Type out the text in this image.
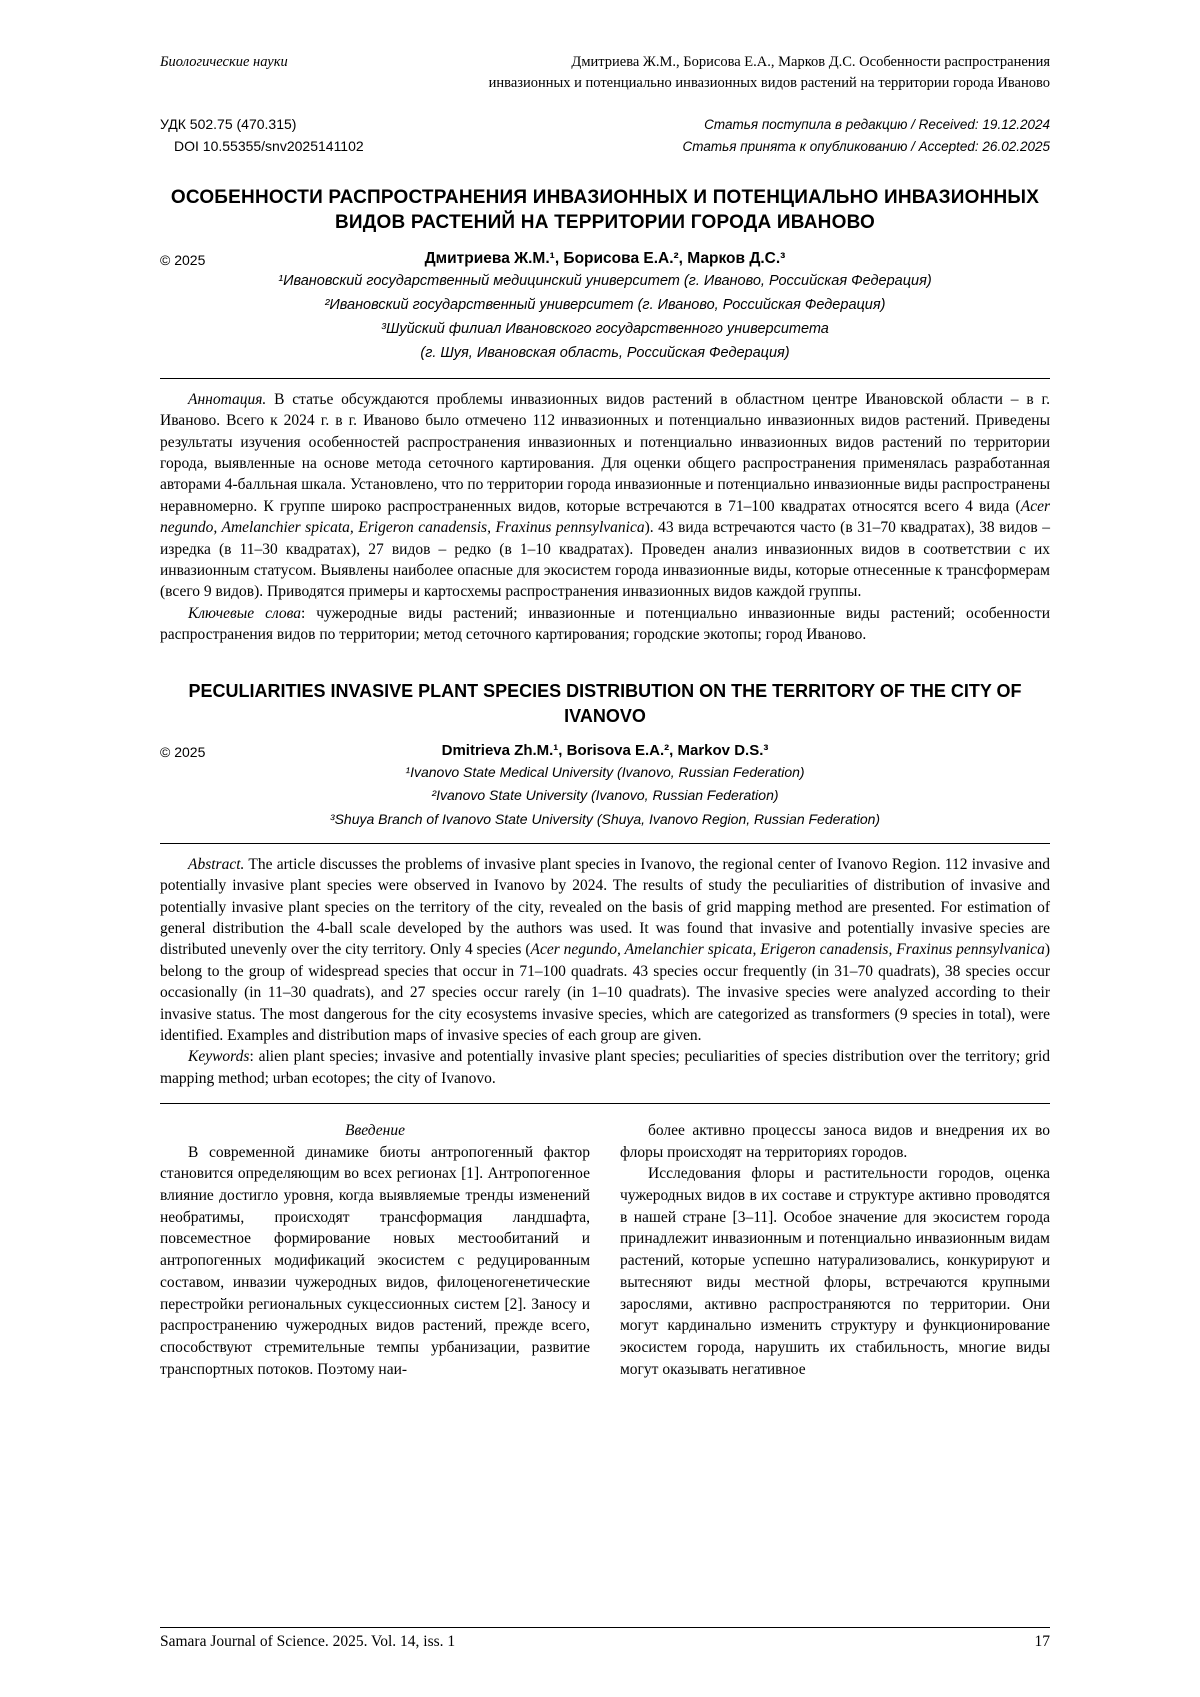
Биологические науки	Дмитриева Ж.М., Борисова Е.А., Марков Д.С. Особенности распространения
инвазионных и потенциально инвазионных видов растений на территории города Иваново
УДК 502.75 (470.315)
DOI 10.55355/snv2025141102
Статья поступила в редакцию / Received: 19.12.2024
Статья принята к опубликованию / Accepted: 26.02.2025
ОСОБЕННОСТИ РАСПРОСТРАНЕНИЯ ИНВАЗИОННЫХ И ПОТЕНЦИАЛЬНО ИНВАЗИОННЫХ ВИДОВ РАСТЕНИЙ НА ТЕРРИТОРИИ ГОРОДА ИВАНОВО
© 2025	Дмитриева Ж.М.¹, Борисова Е.А.², Марков Д.С.³
¹Ивановский государственный медицинский университет (г. Иваново, Российская Федерация)
²Ивановский государственный университет (г. Иваново, Российская Федерация)
³Шуйский филиал Ивановского государственного университета
(г. Шуя, Ивановская область, Российская Федерация)

Аннотация. В статье обсуждаются проблемы инвазионных видов растений в областном центре Ивановской области – в г. Иваново. Всего к 2024 г. в г. Иваново было отмечено 112 инвазионных и потенциально инвазионных видов растений. Приведены результаты изучения особенностей распространения инвазионных и потенциально инвазионных видов растений по территории города, выявленные на основе метода сеточного картирования. Для оценки общего распространения применялась разработанная авторами 4-балльная шкала. Установлено, что по территории города инвазионные и потенциально инвазионные виды распространены неравномерно. К группе широко распространенных видов, которые встречаются в 71–100 квадратах относятся всего 4 вида (Acer negundo, Amelanchier spicata, Erigeron canadensis, Fraxinus pennsylvanica). 43 вида встречаются часто (в 31–70 квадратах), 38 видов – изредка (в 11–30 квадратах), 27 видов – редко (в 1–10 квадратах). Проведен анализ инвазионных видов в соответствии с их инвазионным статусом. Выявлены наиболее опасные для экосистем города инвазионные виды, которые отнесенные к трансформерам (всего 9 видов). Приводятся примеры и картосхемы распространения инвазионных видов каждой группы.

Ключевые слова: чужеродные виды растений; инвазионные и потенциально инвазионные виды растений; особенности распространения видов по территории; метод сеточного картирования; городские экотопы; город Иваново.

PECULIARITIES INVASIVE PLANT SPECIES DISTRIBUTION ON THE TERRITORY OF THE CITY OF IVANOVO
© 2025	Dmitrieva Zh.M.¹, Borisova E.A.², Markov D.S.³
¹Ivanovo State Medical University (Ivanovo, Russian Federation)
²Ivanovo State University (Ivanovo, Russian Federation)
³Shuya Branch of Ivanovo State University (Shuya, Ivanovo Region, Russian Federation)

Abstract. The article discusses the problems of invasive plant species in Ivanovo, the regional center of Ivanovo Region. 112 invasive and potentially invasive plant species were observed in Ivanovo by 2024. The results of study the peculiarities of distribution of invasive and potentially invasive plant species on the territory of the city, revealed on the basis of grid mapping method are presented. For estimation of general distribution the 4-ball scale developed by the authors was used. It was found that invasive and potentially invasive species are distributed unevenly over the city territory. Only 4 species (Acer negundo, Amelanchier spicata, Erigeron canadensis, Fraxinus pennsylvanica) belong to the group of widespread species that occur in 71–100 quadrats. 43 species occur frequently (in 31–70 quadrats), 38 species occur occasionally (in 11–30 quadrats), and 27 species occur rarely (in 1–10 quadrats). The invasive species were analyzed according to their invasive status. The most dangerous for the city ecosystems invasive species, which are categorized as transformers (9 species in total), were identified. Examples and distribution maps of invasive species of each group are given.

Keywords: alien plant species; invasive and potentially invasive plant species; peculiarities of species distribution over the territory; grid mapping method; urban ecotopes; the city of Ivanovo.

Введение

В современной динамике биоты антропогенный фактор становится определяющим во всех регионах [1]. Антропогенное влияние достигло уровня, когда выявляемые тренды изменений необратимы, происходят трансформация ландшафта, повсеместное формирование новых местообитаний и антропогенных модификаций экосистем с редуцированным составом, инвазии чужеродных видов, филоценогенетические перестройки региональных сукцессионных систем [2]. Заносу и распространению чужеродных видов растений, прежде всего, способствуют стремительные темпы урбанизации, развитие транспортных потоков. Поэтому наи-

более активно процессы заноса видов и внедрения их во флоры происходят на территориях городов.

Исследования флоры и растительности городов, оценка чужеродных видов в их составе и структуре активно проводятся в нашей стране [3–11]. Особое значение для экосистем города принадлежит инвазионным и потенциально инвазионным видам растений, которые успешно натурализовались, конкурируют и вытесняют виды местной флоры, встречаются крупными зарослями, активно распространяются по территории. Они могут кардинально изменить структуру и функционирование экосистем города, нарушить их стабильность, многие виды могут оказывать негативное

Samara Journal of Science. 2025. Vol. 14, iss. 1	17
